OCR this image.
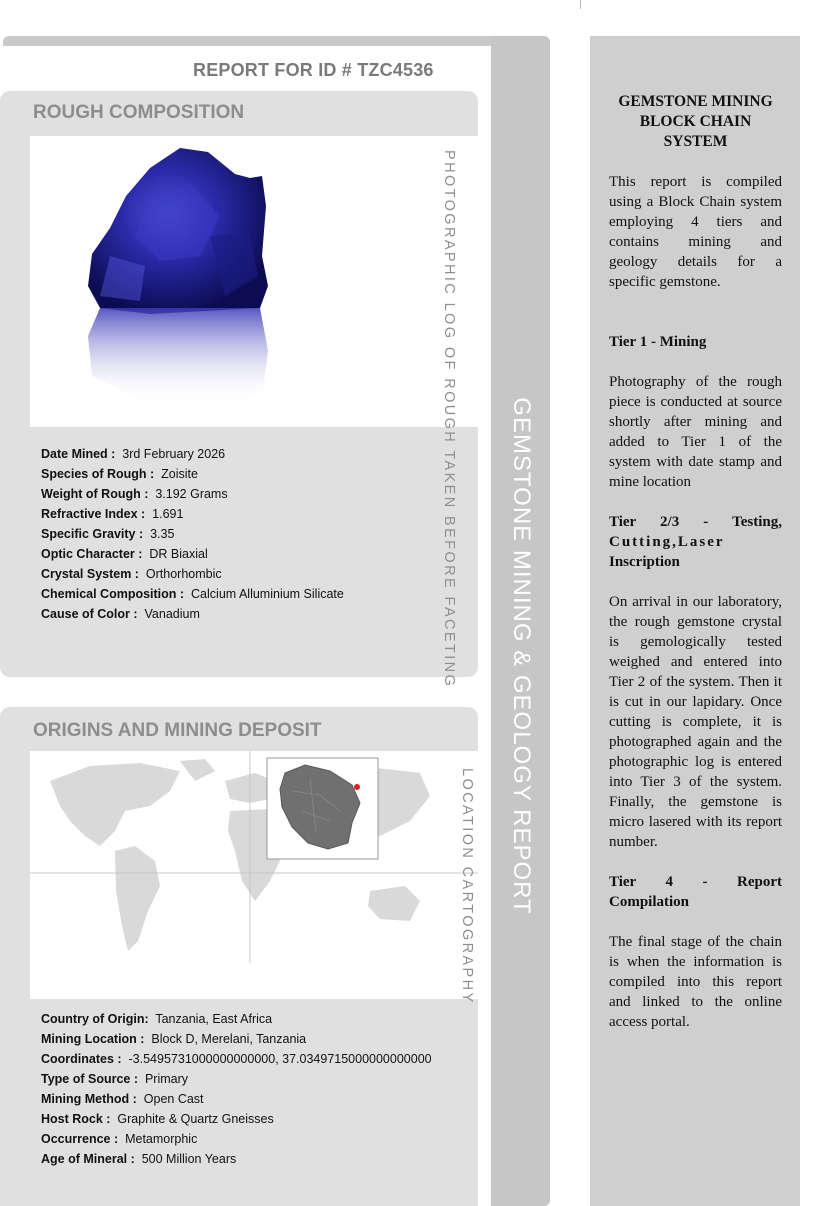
GEMSTONE MINING & GEOLOGY REPORT
REPORT FOR ID # TZC4536
ROUGH COMPOSITION
PHOTOGRAPHIC LOG OF ROUGH TAKEN BEFORE FACETING
Date Mined : 3rd February 2026
Species of Rough : Zoisite
Weight of Rough : 3.192 Grams
Refractive Index : 1.691
Specific Gravity : 3.35
Optic Character : DR Biaxial
Crystal System : Orthorhombic
Chemical Composition : Calcium Alluminium Silicate
Cause of Color : Vanadium
ORIGINS AND MINING DEPOSIT
LOCATION CARTOGRAPHY
Country of Origin: Tanzania, East Africa
Mining Location : Block D, Merelani, Tanzania
Coordinates : -3.5495731000000000000, 37.0349715000000000000
Type of Source : Primary
Mining Method : Open Cast
Host Rock : Graphite & Quartz Gneisses
Occurrence : Metamorphic
Age of Mineral : 500 Million Years
GEMSTONE MINING BLOCK CHAIN SYSTEM

This report is compiled using a Block Chain system employing 4 tiers and contains mining and geology details for a specific gemstone.

Tier 1 - Mining

Photography of the rough piece is conducted at source shortly after mining and added to Tier 1 of the system with date stamp and mine location

Tier 2/3 - Testing,
Cutting,Laser
Inscription

On arrival in our laboratory, the rough gemstone crystal is gemologically tested weighed and entered into Tier 2 of the system. Then it is cut in our lapidary. Once cutting is complete, it is photographed again and the photographic log is entered into Tier 3 of the system. Finally, the gemstone is micro lasered with its report number.

Tier 4 - Report Compilation

The final stage of the chain is when the information is compiled into this report and linked to the online access portal.
